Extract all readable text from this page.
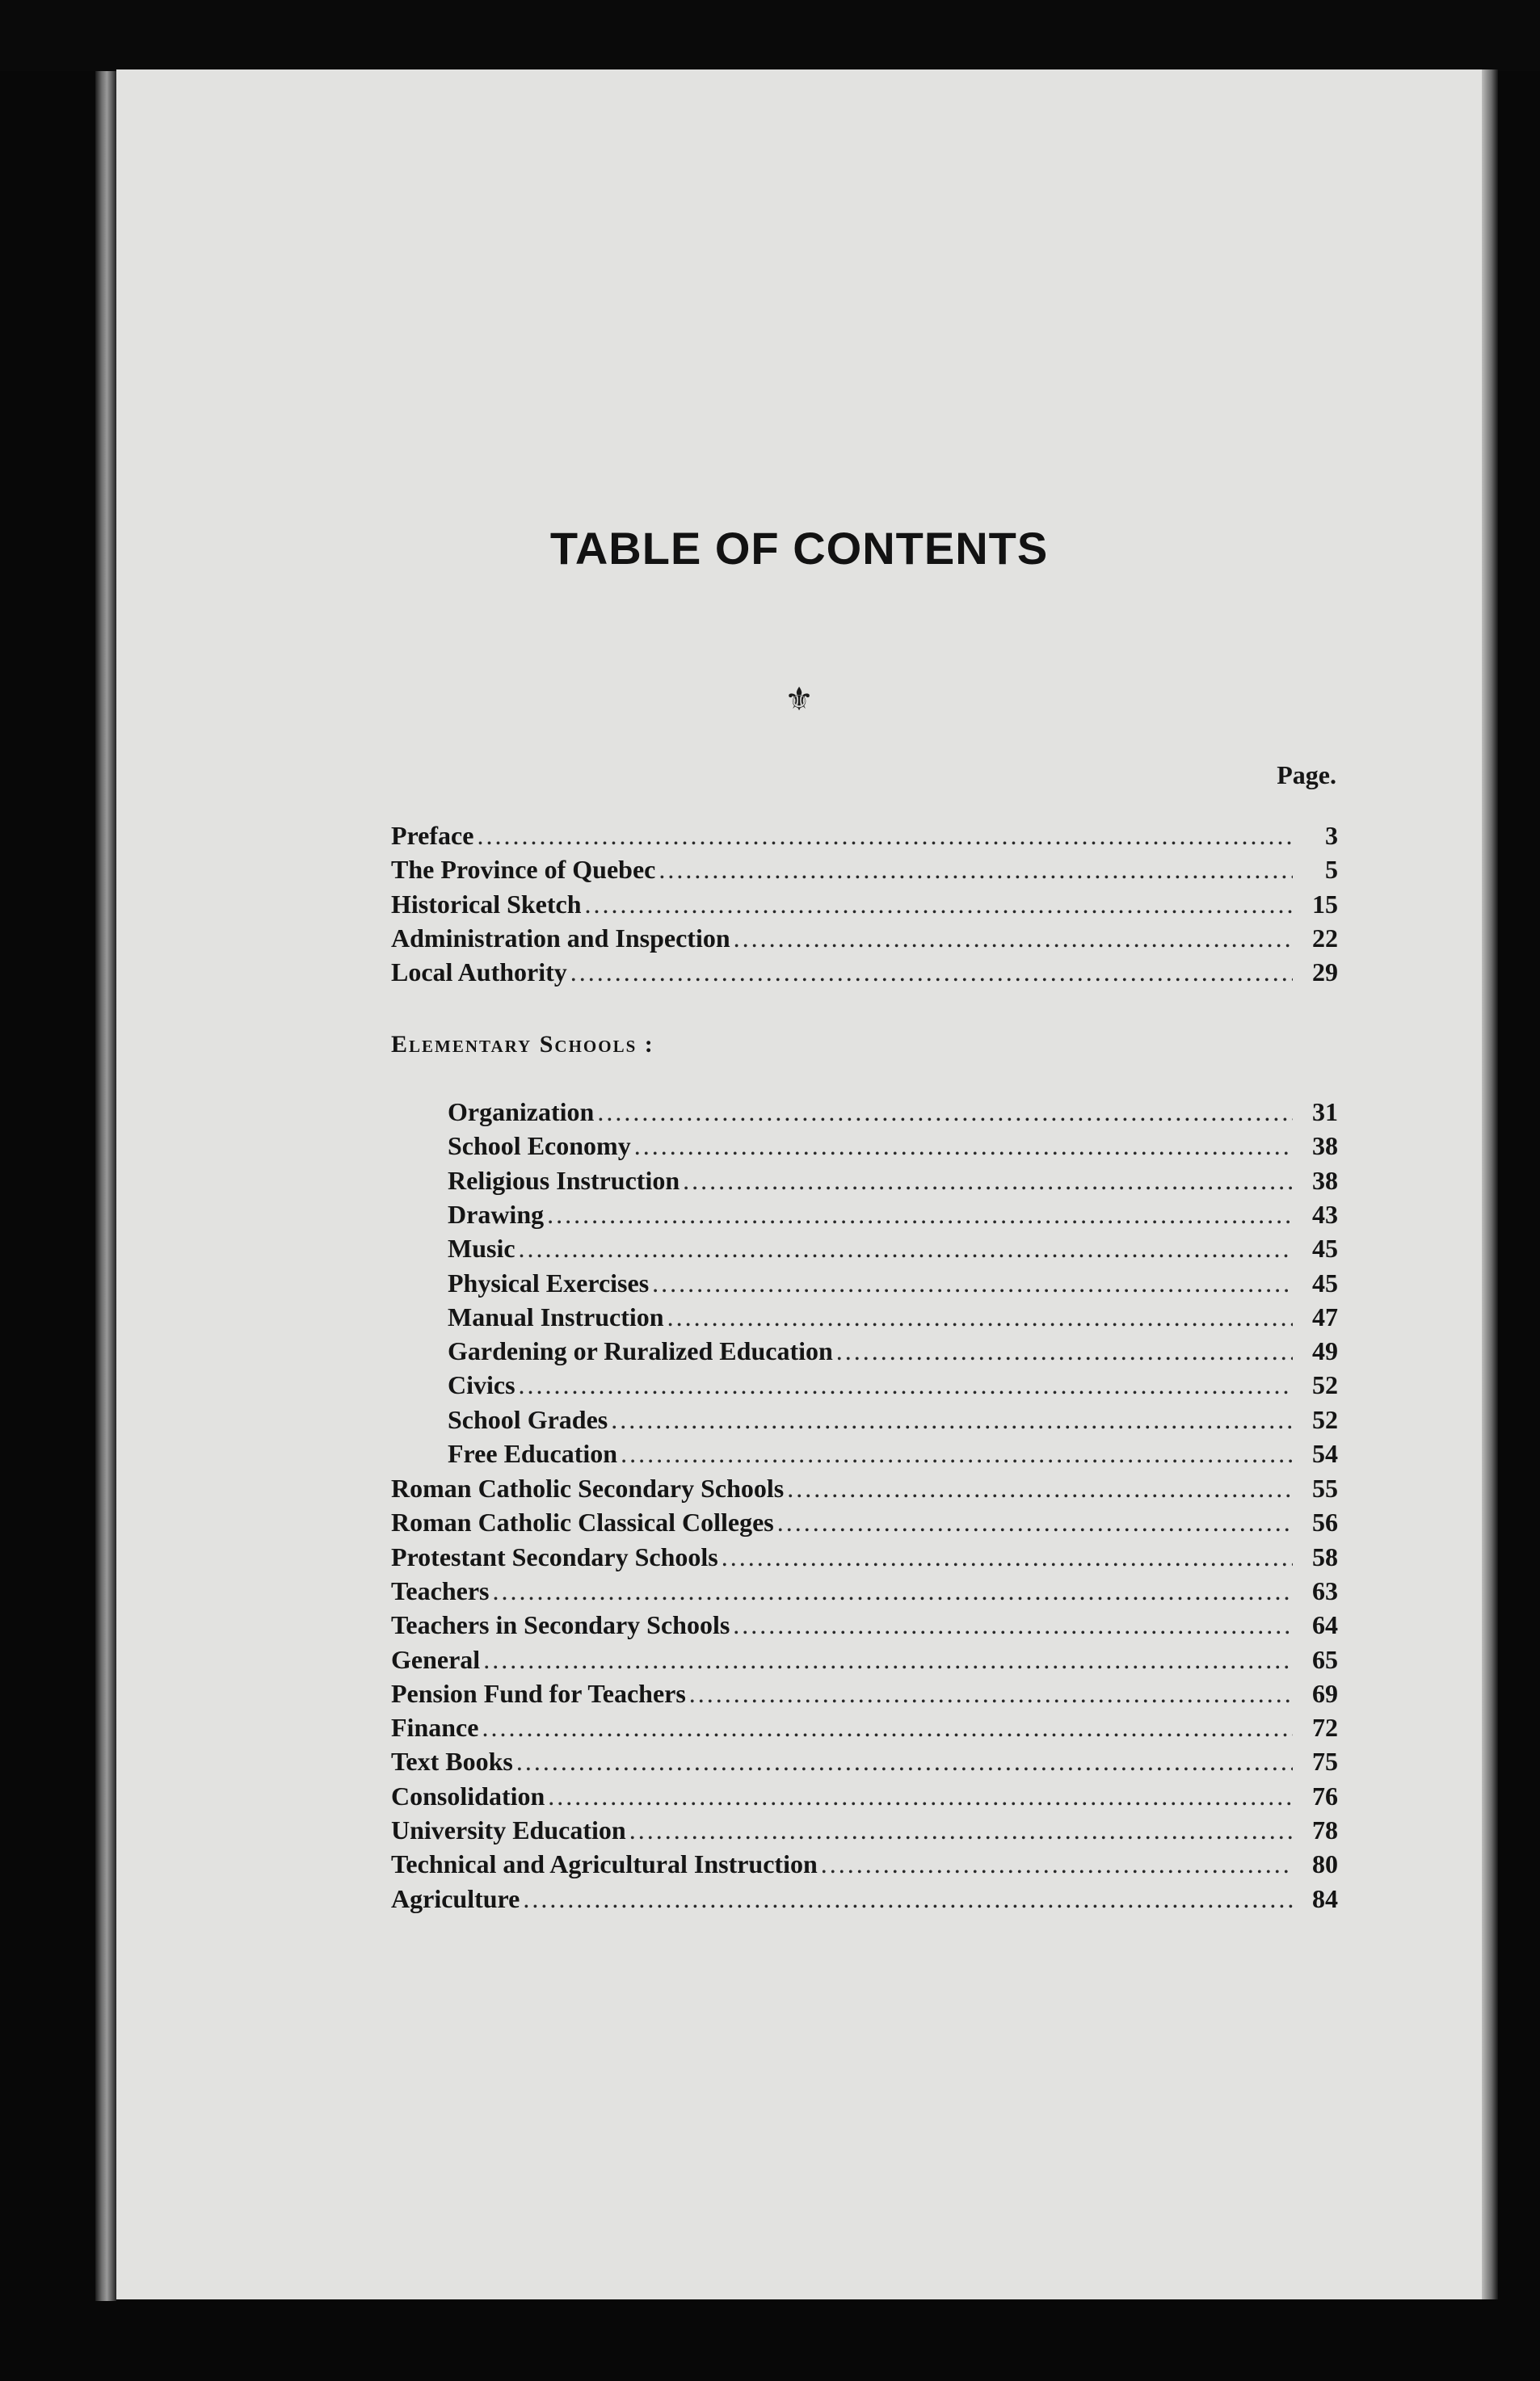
TABLE OF CONTENTS
⚜
Page.
Preface .....	3
The Province of Quebec .....	5
Historical Sketch .....	15
Administration and Inspection .....	22
Local Authority .....	29
Organization .....	31
School Economy .....	38
Religious Instruction .....	38
Drawing .....	43
Music .....	45
Physical Exercises .....	45
Manual Instruction .....	47
Gardening or Ruralized Education .....	49
Civics .....	52
School Grades .....	52
Free Education .....	54
Roman Catholic Secondary Schools .....	55
Roman Catholic Classical Colleges .....	56
Protestant Secondary Schools .....	58
Teachers .....	63
Teachers in Secondary Schools .....	64
General .....	65
Pension Fund for Teachers .....	69
Finance .....	72
Text Books .....	75
Consolidation .....	76
University Education .....	78
Technical and Agricultural Instruction .....	80
Agriculture .....	84
Elementary Schools :
